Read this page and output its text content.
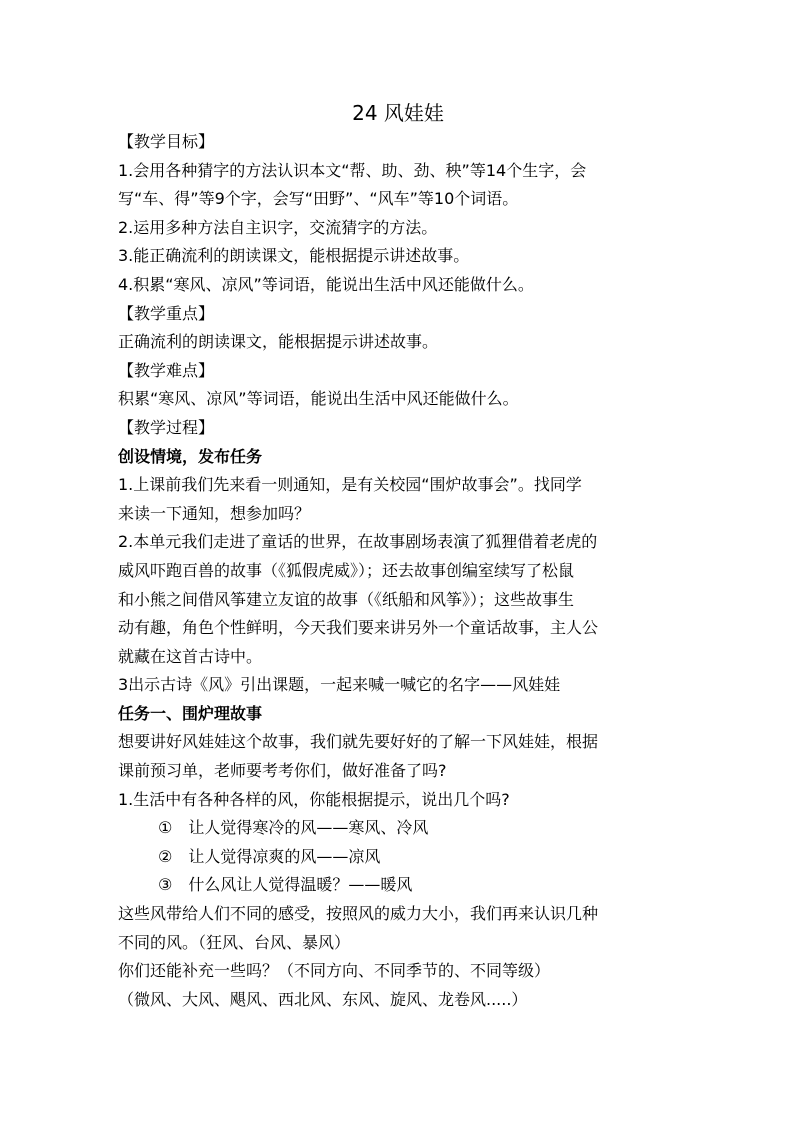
24 风娃娃

【教学目标】

1.会用各种猜字的方法认识本文“帮、助、劲、秧”等14个生字，会

写“车、得”等9个字，会写“田野”、“风车”等10个词语。

2.运用多种方法自主识字，交流猜字的方法。

3.能正确流利的朗读课文，能根据提示讲述故事。

4.积累“寒风、凉风”等词语，能说出生活中风还能做什么。

【教学重点】

正确流利的朗读课文，能根据提示讲述故事。

【教学难点】

积累“寒风、凉风”等词语，能说出生活中风还能做什么。

【教学过程】

创设情境，发布任务

1.上课前我们先来看一则通知，是有关校园“围炉故事会”。找同学

来读一下通知，想参加吗？

2.本单元我们走进了童话的世界，在故事剧场表演了狐狸借着老虎的

威风吓跑百兽的故事（《狐假虎威》）；还去故事创编室续写了松鼠

和小熊之间借风筝建立友谊的故事（《纸船和风筝》）；这些故事生

动有趣，角色个性鲜明，今天我们要来讲另外一个童话故事，主人公

就藏在这首古诗中。

3出示古诗《风》引出课题，一起来喊一喊它的名字——风娃娃

任务一、围炉理故事

想要讲好风娃娃这个故事，我们就先要好好的了解一下风娃娃，根据

课前预习单，老师要考考你们，做好准备了吗?

1.生活中有各种各样的风，你能根据提示，说出几个吗?

①　让人觉得寒冷的风——寒风、冷风

②　让人觉得凉爽的风——凉风

③　什么风让人觉得温暖？——暖风

这些风带给人们不同的感受，按照风的威力大小，我们再来认识几种

不同的风。（狂风、台风、暴风）

你们还能补充一些吗？（不同方向、不同季节的、不同等级）

（微风、大风、飓风、西北风、东风、旋风、龙卷风.....）
